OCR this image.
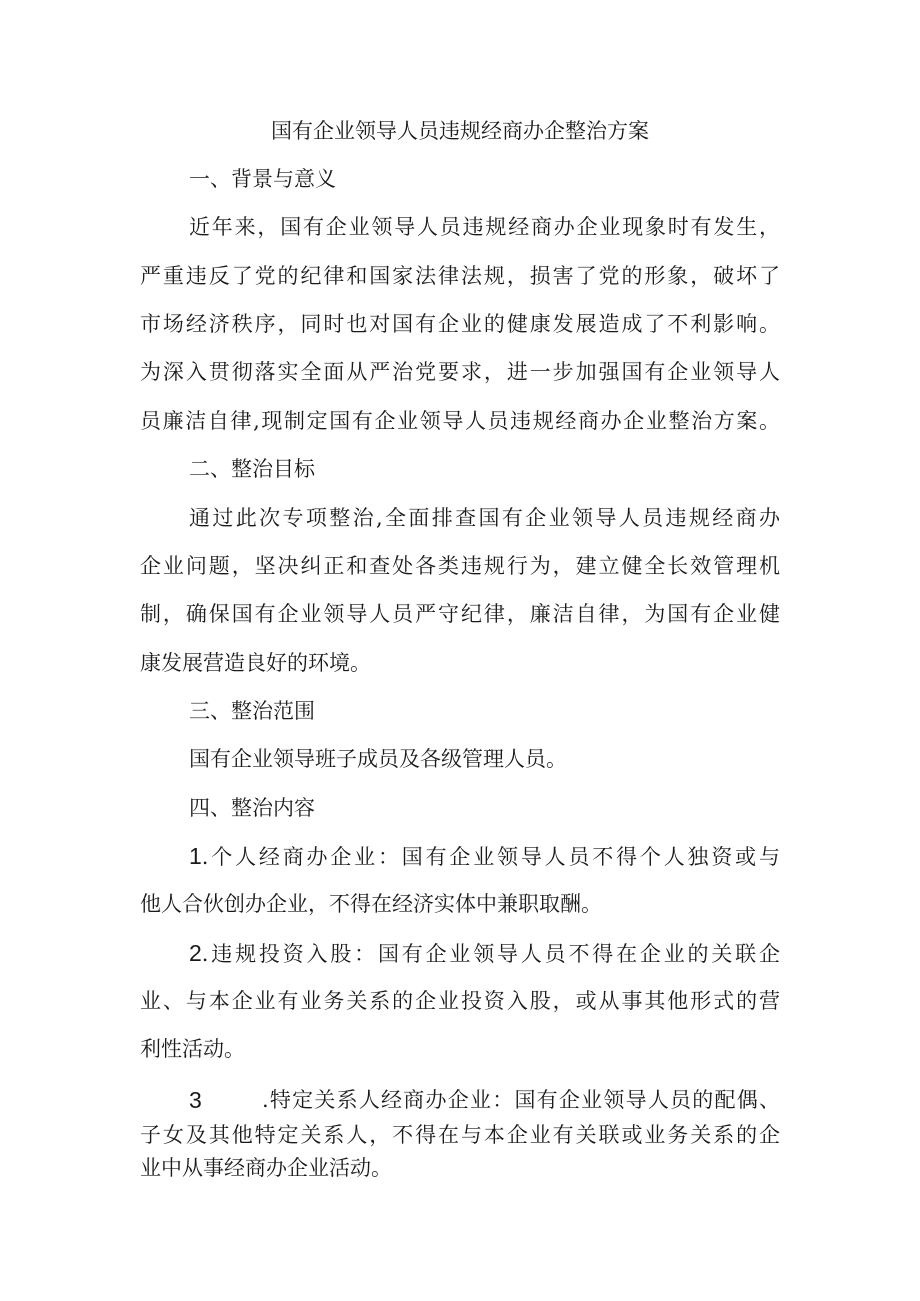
国有企业领导人员违规经商办企整治方案
一、背景与意义
近年来，国有企业领导人员违规经商办企业现象时有发生，
严重违反了党的纪律和国家法律法规，损害了党的形象，破坏了
市场经济秩序，同时也对国有企业的健康发展造成了不利影响。
为深入贯彻落实全面从严治党要求，进一步加强国有企业领导人
员廉洁自律,现制定国有企业领导人员违规经商办企业整治方案。
二、整治目标
通过此次专项整治,全面排查国有企业领导人员违规经商办
企业问题，坚决纠正和查处各类违规行为，建立健全长效管理机
制，确保国有企业领导人员严守纪律，廉洁自律，为国有企业健
康发展营造良好的环境。
三、整治范围
国有企业领导班子成员及各级管理人员。
四、整治内容
1.个人经商办企业：国有企业领导人员不得个人独资或与
他人合伙创办企业，不得在经济实体中兼职取酬。
2.违规投资入股：国有企业领导人员不得在企业的关联企
业、与本企业有业务关系的企业投资入股，或从事其他形式的营
利性活动。
3	.特定关系人经商办企业：国有企业领导人员的配偶、
子女及其他特定关系人，不得在与本企业有关联或业务关系的企
业中从事经商办企业活动。
